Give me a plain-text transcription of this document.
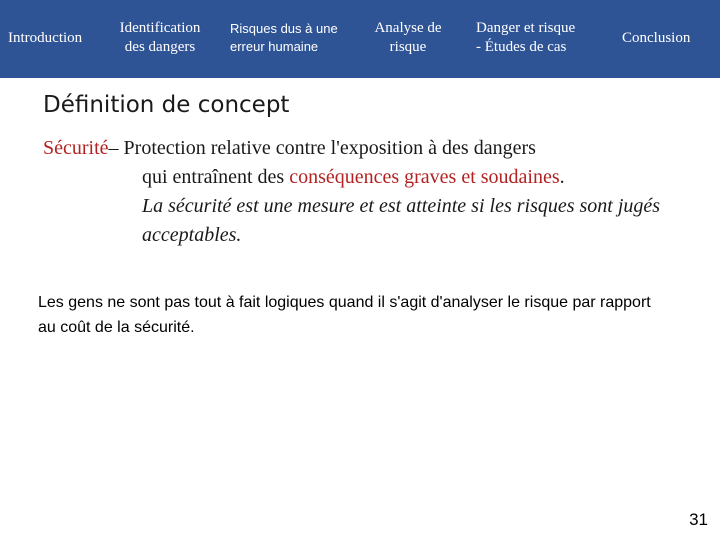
Introduction
Identification
des dangers
Risques dus à une
erreur humaine
Analyse de
risque
Danger et risque
- Études de cas
Conclusion
Définition de concept
Sécurité– Protection relative contre l'exposition à des dangers
qui entraînent des conséquences graves et soudaines.
La sécurité est une mesure et est atteinte si les risques sont jugés acceptables.
Les gens ne sont pas tout à fait logiques quand il s'agit d'analyser le risque par rapport au coût de la sécurité.
31
